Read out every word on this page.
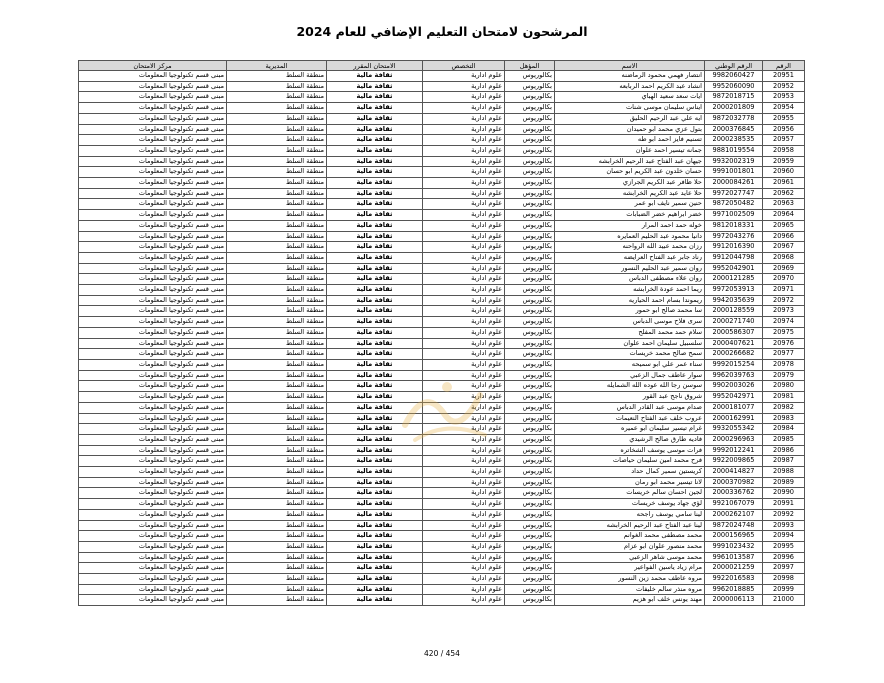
المرشحون لامتحان التعليم الإضافي للعام 2024
الرقم	الرقم الوطني	الاسم	المؤهل	التخصص	الامتحان المقرر	المديرية	مركز الامتحان
20951	9982060427	انتصار فهمي محمود الرماضنه	بكالوريوس	علوم ادارية	ثقافة مالية	منطقة السلط	مبنى قسم تكنولوجيا المعلومات
20952	9952060090	انشاد عبد الكريم احمد الربابعه	بكالوريوس	علوم ادارية	ثقافة مالية	منطقة السلط	مبنى قسم تكنولوجيا المعلومات
20953	9872018715	ايات سعد سعيد الهباي	بكالوريوس	علوم ادارية	ثقافة مالية	منطقة السلط	مبنى قسم تكنولوجيا المعلومات
20954	2000201809	ايناس سليمان موسى شنات	بكالوريوس	علوم ادارية	ثقافة مالية	منطقة السلط	مبنى قسم تكنولوجيا المعلومات
20955	9872032778	ايه علي عبد الرحيم الحليق	بكالوريوس	علوم ادارية	ثقافة مالية	منطقة السلط	مبنى قسم تكنولوجيا المعلومات
20956	2000376845	بتول عزي محمد ابو حميدان	بكالوريوس	علوم ادارية	ثقافة مالية	منطقة السلط	مبنى قسم تكنولوجيا المعلومات
20957	2000238535	تسنيم فايز احمد ابو طه	بكالوريوس	علوم ادارية	ثقافة مالية	منطقة السلط	مبنى قسم تكنولوجيا المعلومات
20958	9881019554	جمانه تيسير احمد علوان	بكالوريوس	علوم ادارية	ثقافة مالية	منطقة السلط	مبنى قسم تكنولوجيا المعلومات
20959	9932002319	جيهان عبد الفتاح عبد الرحيم الخرابشه	بكالوريوس	علوم ادارية	ثقافة مالية	منطقة السلط	مبنى قسم تكنولوجيا المعلومات
20960	9991001801	حسان خلدون عبد الكريم ابو حسان	بكالوريوس	علوم ادارية	ثقافة مالية	منطقة السلط	مبنى قسم تكنولوجيا المعلومات
20961	2000084261	حلا ظافر عبد الكريم الجرازي	بكالوريوس	علوم ادارية	ثقافة مالية	منطقة السلط	مبنى قسم تكنولوجيا المعلومات
20962	9972027747	حلا عايد عبد الكريم الخرابشه	بكالوريوس	علوم ادارية	ثقافة مالية	منطقة السلط	مبنى قسم تكنولوجيا المعلومات
20963	9872050482	حنين سمير نايف ابو عمر	بكالوريوس	علوم ادارية	ثقافة مالية	منطقة السلط	مبنى قسم تكنولوجيا المعلومات
20964	9971002509	خضر ابراهيم خضر الضبابات	بكالوريوس	علوم ادارية	ثقافة مالية	منطقة السلط	مبنى قسم تكنولوجيا المعلومات
20965	9812018331	خوله حمد احمد المرار	بكالوريوس	علوم ادارية	ثقافة مالية	منطقة السلط	مبنى قسم تكنولوجيا المعلومات
20966	9972043276	دانيا محمود عبد الحليم العمايره	بكالوريوس	علوم ادارية	ثقافة مالية	منطقة السلط	مبنى قسم تكنولوجيا المعلومات
20967	9912016390	رزان محمد عبيد الله الرواحنه	بكالوريوس	علوم ادارية	ثقافة مالية	منطقة السلط	مبنى قسم تكنولوجيا المعلومات
20968	9912044798	رناد جابر عبد الفتاح العرايضه	بكالوريوس	علوم ادارية	ثقافة مالية	منطقة السلط	مبنى قسم تكنولوجيا المعلومات
20969	9952042901	روان سمير عبد الحليم النسور	بكالوريوس	علوم ادارية	ثقافة مالية	منطقة السلط	مبنى قسم تكنولوجيا المعلومات
20970	2000121285	روان علاء مصطفى الدباس	بكالوريوس	علوم ادارية	ثقافة مالية	منطقة السلط	مبنى قسم تكنولوجيا المعلومات
20971	9972053913	ريما احمد عودة الخرابشه	بكالوريوس	علوم ادارية	ثقافة مالية	منطقة السلط	مبنى قسم تكنولوجيا المعلومات
20972	9942035639	ريموندا بسام احمد الحياريه	بكالوريوس	علوم ادارية	ثقافة مالية	منطقة السلط	مبنى قسم تكنولوجيا المعلومات
20973	2000128559	سا محمد صالح ابو حمور	بكالوريوس	علوم ادارية	ثقافة مالية	منطقة السلط	مبنى قسم تكنولوجيا المعلومات
20974	2000271740	سرى فلاح موسى الدباس	بكالوريوس	علوم ادارية	ثقافة مالية	منطقة السلط	مبنى قسم تكنولوجيا المعلومات
20975	2000586307	سلام حمد محمد المفلح	بكالوريوس	علوم ادارية	ثقافة مالية	منطقة السلط	مبنى قسم تكنولوجيا المعلومات
20976	2000407621	سلسبيل سليمان احمد علوان	بكالوريوس	علوم ادارية	ثقافة مالية	منطقة السلط	مبنى قسم تكنولوجيا المعلومات
20977	2000266682	سمح صالح محمد خريسات	بكالوريوس	علوم ادارية	ثقافة مالية	منطقة السلط	مبنى قسم تكنولوجيا المعلومات
20978	9992015254	سناء عمر علي ابو سميحه	بكالوريوس	علوم ادارية	ثقافة مالية	منطقة السلط	مبنى قسم تكنولوجيا المعلومات
20979	9962039763	سوار عاطف جمال الزعبي	بكالوريوس	علوم ادارية	ثقافة مالية	منطقة السلط	مبنى قسم تكنولوجيا المعلومات
20980	9902003026	سوسن رجا الله عوده الله الشمايله	بكالوريوس	علوم ادارية	ثقافة مالية	منطقة السلط	مبنى قسم تكنولوجيا المعلومات
20981	9952042971	شروق ناجح عبد القور	بكالوريوس	علوم ادارية	ثقافة مالية	منطقة السلط	مبنى قسم تكنولوجيا المعلومات
20982	2000181077	صدام موسى عبد القادر الدباس	بكالوريوس	علوم ادارية	ثقافة مالية	منطقة السلط	مبنى قسم تكنولوجيا المعلومات
20983	2000162991	عروب خلف عبد الفتاح النعيمات	بكالوريوس	علوم ادارية	ثقافة مالية	منطقة السلط	مبنى قسم تكنولوجيا المعلومات
20984	9932055342	غرام تيسير سليمان ابو عميره	بكالوريوس	علوم ادارية	ثقافة مالية	منطقة السلط	مبنى قسم تكنولوجيا المعلومات
20985	2000296963	فاديه طارق صالح الرشيدي	بكالوريوس	علوم ادارية	ثقافة مالية	منطقة السلط	مبنى قسم تكنولوجيا المعلومات
20986	9992012241	فرات موسى يوسف الشخاتره	بكالوريوس	علوم ادارية	ثقافة مالية	منطقة السلط	مبنى قسم تكنولوجيا المعلومات
20987	9922009865	فرح محمد امين سليمان حياصات	بكالوريوس	علوم ادارية	ثقافة مالية	منطقة السلط	مبنى قسم تكنولوجيا المعلومات
20988	2000414827	كريستين سمير كمال حداد	بكالوريوس	علوم ادارية	ثقافة مالية	منطقة السلط	مبنى قسم تكنولوجيا المعلومات
20989	2000370982	لانا تيسير محمد ابو رمان	بكالوريوس	علوم ادارية	ثقافة مالية	منطقة السلط	مبنى قسم تكنولوجيا المعلومات
20990	2000336762	لجين احسان سالم خريسات	بكالوريوس	علوم ادارية	ثقافة مالية	منطقة السلط	مبنى قسم تكنولوجيا المعلومات
20991	9921067079	لؤي جهاد يوسف خريسات	بكالوريوس	علوم ادارية	ثقافة مالية	منطقة السلط	مبنى قسم تكنولوجيا المعلومات
20992	2000262107	لينا سامي يوسف راجحه	بكالوريوس	علوم ادارية	ثقافة مالية	منطقة السلط	مبنى قسم تكنولوجيا المعلومات
20993	9872024748	لينا عبد الفتاح عبد الرحيم الخرابشه	بكالوريوس	علوم ادارية	ثقافة مالية	منطقة السلط	مبنى قسم تكنولوجيا المعلومات
20994	2000156965	محمد مصطفى محمد الغوانم	بكالوريوس	علوم ادارية	ثقافة مالية	منطقة السلط	مبنى قسم تكنولوجيا المعلومات
20995	9991023432	محمد منصور علوان ابو عزام	بكالوريوس	علوم ادارية	ثقافة مالية	منطقة السلط	مبنى قسم تكنولوجيا المعلومات
20996	9961013587	محمد موسى شاهر الزعبي	بكالوريوس	علوم ادارية	ثقافة مالية	منطقة السلط	مبنى قسم تكنولوجيا المعلومات
20997	2000021259	مرام زياد ياسين الفواعير	بكالوريوس	علوم ادارية	ثقافة مالية	منطقة السلط	مبنى قسم تكنولوجيا المعلومات
20998	9922016583	مروه عاطف محمد زين النسور	بكالوريوس	علوم ادارية	ثقافة مالية	منطقة السلط	مبنى قسم تكنولوجيا المعلومات
20999	9962018885	مروه منذر سالم خليفات	بكالوريوس	علوم ادارية	ثقافة مالية	منطقة السلط	مبنى قسم تكنولوجيا المعلومات
21000	2000006113	مهند يونس خلف ابو هزيم	بكالوريوس	علوم ادارية	ثقافة مالية	منطقة السلط	مبنى قسم تكنولوجيا المعلومات
420 / 454
